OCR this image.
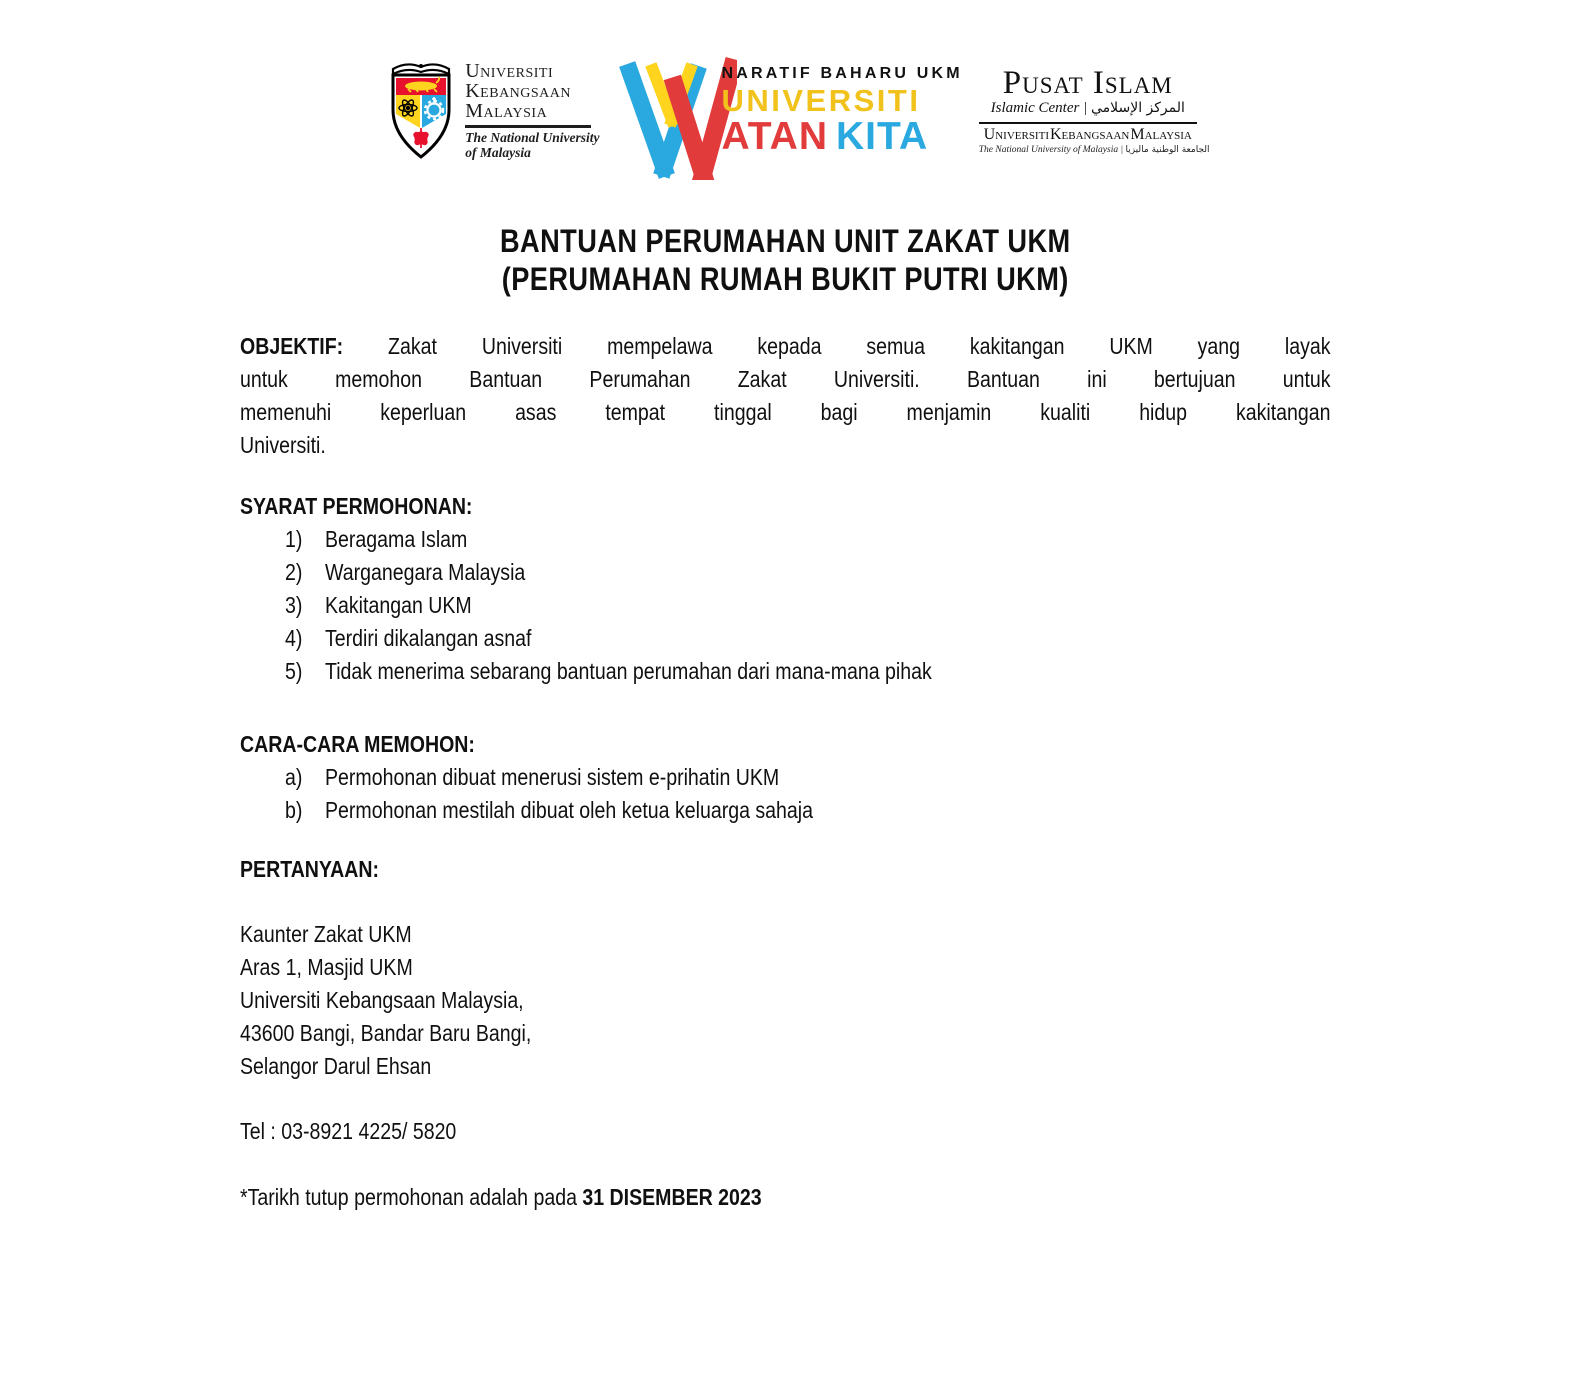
Universiti
Kebangsaan
Malaysia
The National University
of Malaysia
NARATIF BAHARU UKM
UNIVERSITI
ATAN KITA
Pusat Islam
Islamic Center | المركز الإسلامي
Universiti Kebangsaan Malaysia
The National University of Malaysia | الجامعة الوطنية ماليزيا
BANTUAN PERUMAHAN UNIT ZAKAT UKM
(PERUMAHAN RUMAH BUKIT PUTRI UKM)
OBJEKTIF: Zakat Universiti mempelawa kepada semua kakitangan UKM yang layak
untuk memohon Bantuan Perumahan Zakat Universiti. Bantuan ini bertujuan untuk
memenuhi keperluan asas tempat tinggal bagi menjamin kualiti hidup kakitangan
Universiti.
SYARAT PERMOHONAN:
1) Beragama Islam
2) Warganegara Malaysia
3) Kakitangan UKM
4) Terdiri dikalangan asnaf
5) Tidak menerima sebarang bantuan perumahan dari mana-mana pihak
CARA-CARA MEMOHON:
a) Permohonan dibuat menerusi sistem e-prihatin UKM
b) Permohonan mestilah dibuat oleh ketua keluarga sahaja
PERTANYAAN:
Kaunter Zakat UKM
Aras 1, Masjid UKM
Universiti Kebangsaan Malaysia,
43600 Bangi, Bandar Baru Bangi,
Selangor Darul Ehsan
Tel : 03-8921 4225/ 5820
*Tarikh tutup permohonan adalah pada 31 DISEMBER 2023
